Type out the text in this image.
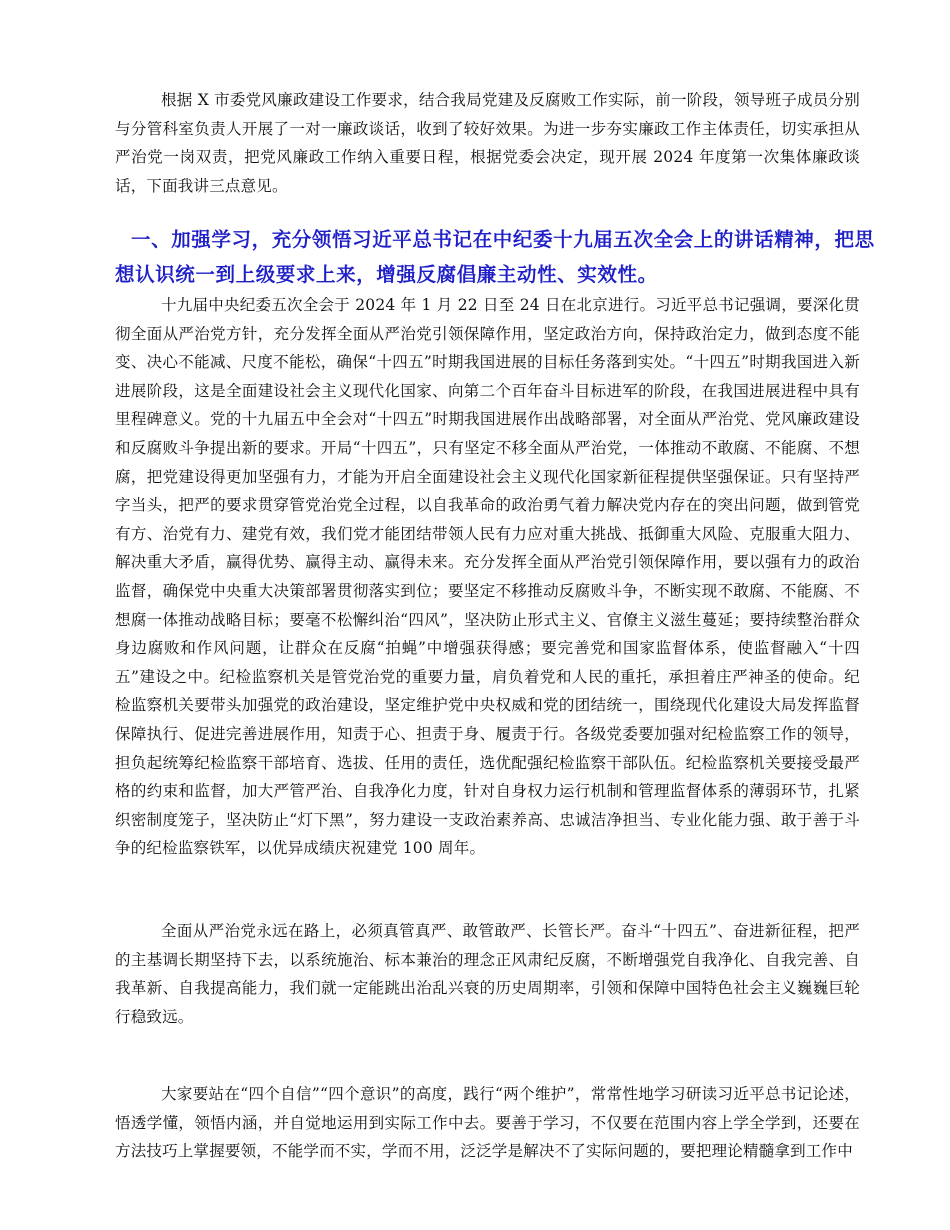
根据 X 市委党风廉政建设工作要求，结合我局党建及反腐败工作实际，前一阶段，领导班子成员分别与分管科室负责人开展了一对一廉政谈话，收到了较好效果。为进一步夯实廉政工作主体责任，切实承担从严治党一岗双责，把党风廉政工作纳入重要日程，根据党委会决定，现开展 2024 年度第一次集体廉政谈话，下面我讲三点意见。

一、加强学习，充分领悟习近平总书记在中纪委十九届五次全会上的讲话精神，把思想认识统一到上级要求上来，增强反腐倡廉主动性、实效性。

十九届中央纪委五次全会于 2024 年 1 月 22 日至 24 日在北京进行。习近平总书记强调，要深化贯彻全面从严治党方针，充分发挥全面从严治党引领保障作用，坚定政治方向，保持政治定力，做到态度不能变、决心不能减、尺度不能松，确保“十四五”时期我国进展的目标任务落到实处。“十四五”时期我国进入新进展阶段，这是全面建设社会主义现代化国家、向第二个百年奋斗目标进军的阶段，在我国进展进程中具有里程碑意义。党的十九届五中全会对“十四五”时期我国进展作出战略部署，对全面从严治党、党风廉政建设和反腐败斗争提出新的要求。开局“十四五”，只有坚定不移全面从严治党，一体推动不敢腐、不能腐、不想腐，把党建设得更加坚强有力，才能为开启全面建设社会主义现代化国家新征程提供坚强保证。只有坚持严字当头，把严的要求贯穿管党治党全过程，以自我革命的政治勇气着力解决党内存在的突出问题，做到管党有方、治党有力、建党有效，我们党才能团结带领人民有力应对重大挑战、抵御重大风险、克服重大阻力、解决重大矛盾，赢得优势、赢得主动、赢得未来。充分发挥全面从严治党引领保障作用，要以强有力的政治监督，确保党中央重大决策部署贯彻落实到位；要坚定不移推动反腐败斗争，不断实现不敢腐、不能腐、不想腐一体推动战略目标；要毫不松懈纠治“四风”，坚决防止形式主义、官僚主义滋生蔓延；要持续整治群众身边腐败和作风问题，让群众在反腐“拍蝇”中增强获得感；要完善党和国家监督体系，使监督融入“十四五”建设之中。纪检监察机关是管党治党的重要力量，肩负着党和人民的重托，承担着庄严神圣的使命。纪检监察机关要带头加强党的政治建设，坚定维护党中央权威和党的团结统一，围绕现代化建设大局发挥监督保障执行、促进完善进展作用，知责于心、担责于身、履责于行。各级党委要加强对纪检监察工作的领导，担负起统筹纪检监察干部培育、选拔、任用的责任，选优配强纪检监察干部队伍。纪检监察机关要接受最严格的约束和监督，加大严管严治、自我净化力度，针对自身权力运行机制和管理监督体系的薄弱环节，扎紧织密制度笼子，坚决防止“灯下黑”，努力建设一支政治素养高、忠诚洁净担当、专业化能力强、敢于善于斗争的纪检监察铁军，以优异成绩庆祝建党 100 周年。

全面从严治党永远在路上，必须真管真严、敢管敢严、长管长严。奋斗“十四五”、奋进新征程，把严的主基调长期坚持下去，以系统施治、标本兼治的理念正风肃纪反腐，不断增强党自我净化、自我完善、自我革新、自我提高能力，我们就一定能跳出治乱兴衰的历史周期率，引领和保障中国特色社会主义巍巍巨轮行稳致远。

大家要站在“四个自信”“四个意识”的高度，践行“两个维护”，常常性地学习研读习近平总书记论述，悟透学懂，领悟内涵，并自觉地运用到实际工作中去。要善于学习，不仅要在范围内容上学全学到，还要在方法技巧上掌握要领，不能学而不实，学而不用，泛泛学是解决不了实际问题的，要把理论精髓拿到工作中
